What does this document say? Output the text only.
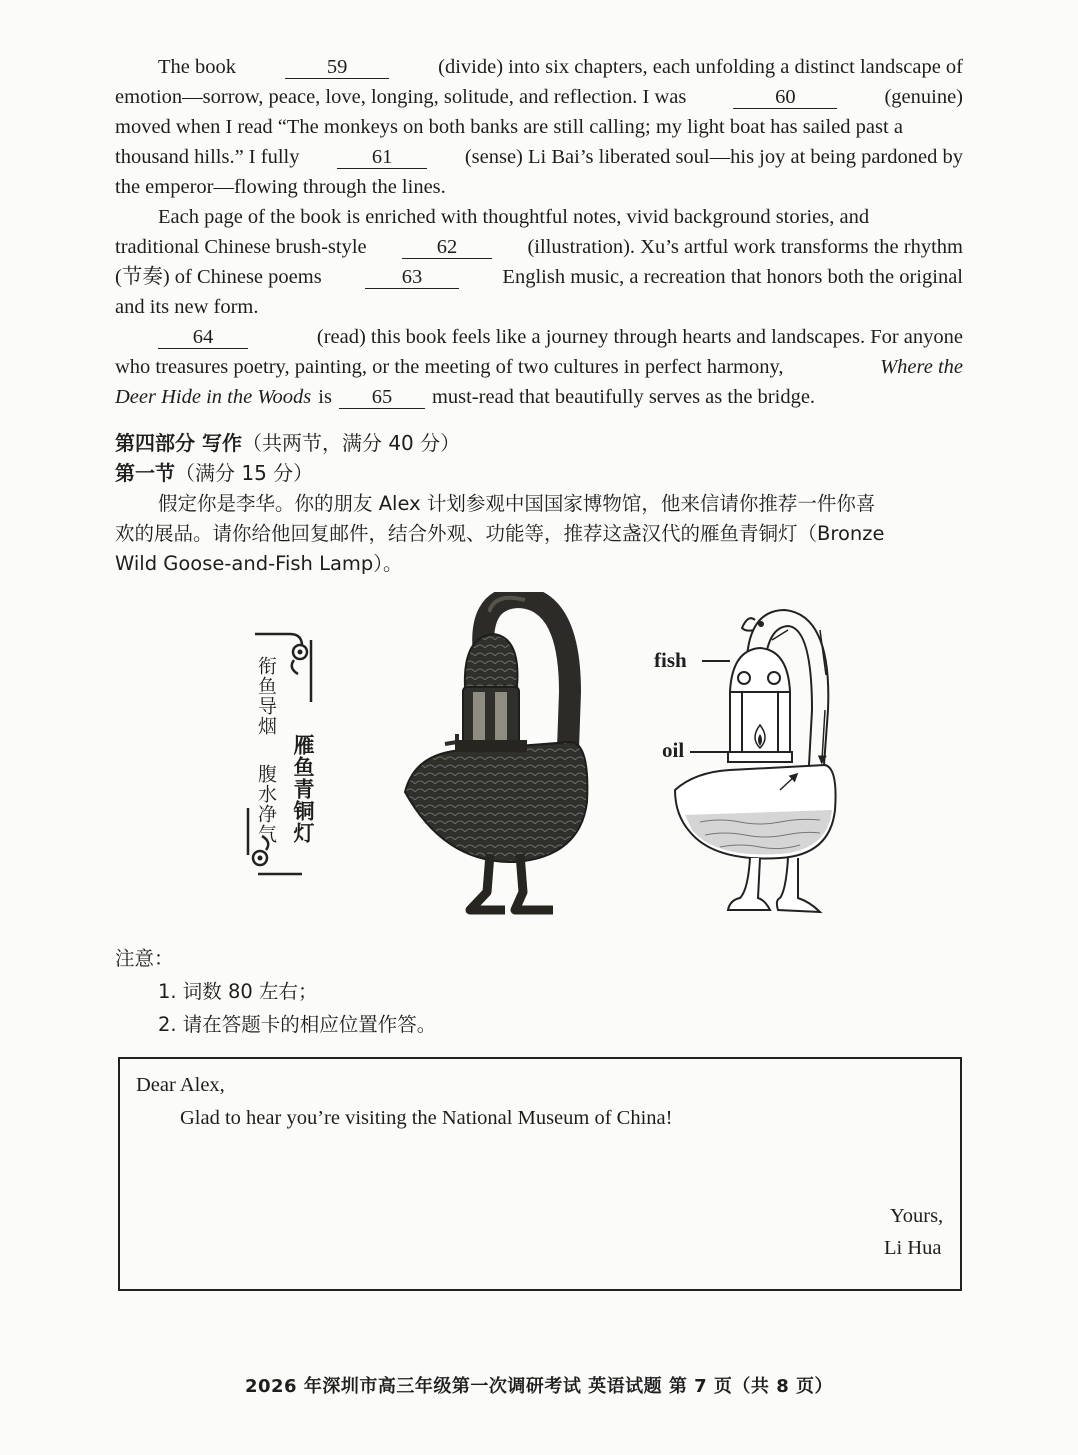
The book	59	(divide) into six chapters, each unfolding a distinct landscape of
emotion—sorrow, peace, love, longing, solitude, and reflection. I was	60	(genuine)
moved when I read “The monkeys on both banks are still calling; my light boat has sailed past a
thousand hills.” I fully	61	(sense) Li Bai’s liberated soul—his joy at being pardoned by
the emperor—flowing through the lines.
Each page of the book is enriched with thoughtful notes, vivid background stories, and
traditional Chinese brush-style	62	(illustration). Xu’s artful work transforms the rhythm
(节奏) of Chinese poems	63	English music, a recreation that honors both the original
and its new form.
64	(read) this book feels like a journey through hearts and landscapes. For anyone
who treasures poetry, painting, or the meeting of two cultures in perfect harmony,	Where the
Deer Hide in the Woods is	65	must-read that beautifully serves as the bridge.
第四部分 写作（共两节，满分 40 分）
第一节（满分 15 分）
假定你是李华。你的朋友 Alex 计划参观中国国家博物馆，他来信请你推荐一件你喜
欢的展品。请你给他回复邮件，结合外观、功能等，推荐这盏汉代的雁鱼青铜灯（Bronze
Wild Goose-and-Fish Lamp）。
衔鱼导烟
腹水净气 雁鱼青铜灯
fish
oil
注意：
1. 词数 80 左右；
2. 请在答题卡的相应位置作答。
Dear Alex,
Glad to hear you’re visiting the National Museum of China!
Yours,
Li Hua
2026 年深圳市高三年级第一次调研考试 英语试题 第 7 页（共 8 页）
